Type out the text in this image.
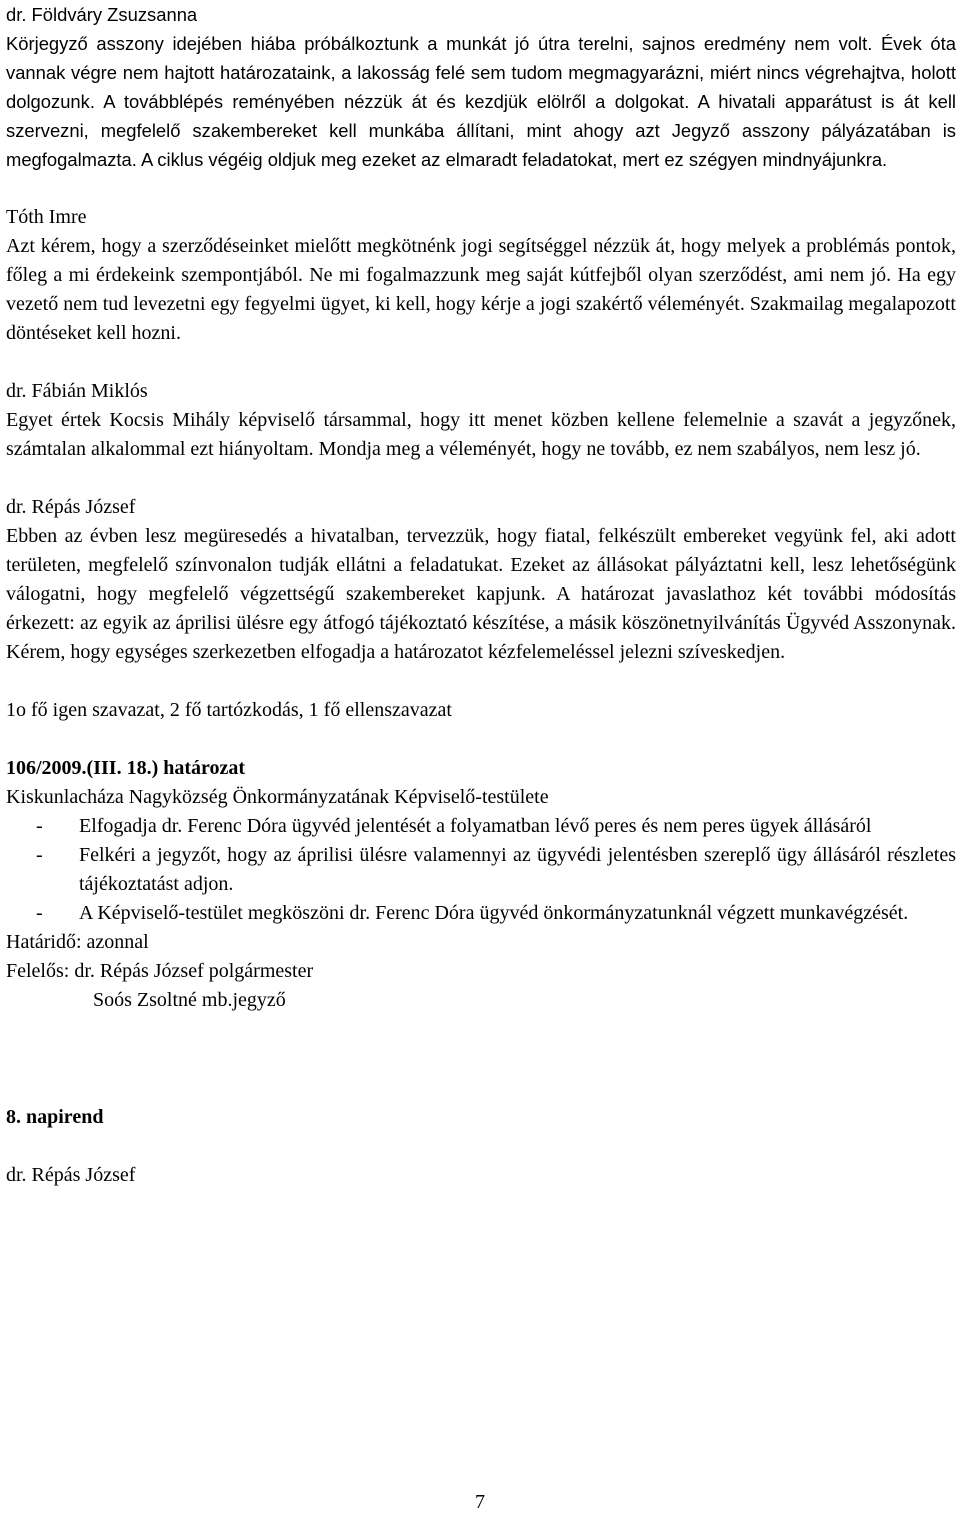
dr. Földváry Zsuzsanna

Körjegyző asszony idejében hiába próbálkoztunk a munkát jó útra terelni, sajnos eredmény nem volt. Évek óta vannak végre nem hajtott határozataink, a lakosság felé sem tudom megmagyarázni, miért nincs végrehajtva, holott dolgozunk. A továbblépés reményében nézzük át és kezdjük elölről a dolgokat. A hivatali apparátust is át kell szervezni, megfelelő szakembereket kell munkába állítani, mint ahogy azt Jegyző asszony pályázatában is megfogalmazta. A ciklus végéig oldjuk meg ezeket az elmaradt feladatokat, mert ez szégyen mindnyájunkra.

Tóth Imre

Azt kérem, hogy a szerződéseinket mielőtt megkötnénk jogi segítséggel nézzük át, hogy melyek a problémás pontok, főleg a mi érdekeink szempontjából. Ne mi fogalmazzunk meg saját kútfejből olyan szerződést, ami nem jó. Ha egy vezető nem tud levezetni egy fegyelmi ügyet, ki kell, hogy kérje a jogi szakértő véleményét. Szakmailag megalapozott döntéseket kell hozni.

dr. Fábián Miklós

Egyet értek Kocsis Mihály képviselő társammal, hogy itt menet közben kellene felemelnie a szavát a jegyzőnek, számtalan alkalommal ezt hiányoltam. Mondja meg a véleményét, hogy ne tovább, ez nem szabályos, nem lesz jó.

dr. Répás József

Ebben az évben lesz megüresedés a hivatalban, tervezzük, hogy fiatal, felkészült embereket vegyünk fel, aki adott területen, megfelelő színvonalon tudják ellátni a feladatukat. Ezeket az állásokat pályáztatni kell, lesz lehetőségünk válogatni, hogy megfelelő végzettségű szakembereket kapjunk. A határozat javaslathoz két további módosítás érkezett: az egyik az áprilisi ülésre egy átfogó tájékoztató készítése, a másik köszönetnyilvánítás Ügyvéd Asszonynak. Kérem, hogy egységes szerkezetben elfogadja a határozatot kézfelemeléssel jelezni szíveskedjen.

1o fő igen szavazat, 2 fő tartózkodás, 1 fő ellenszavazat

106/2009.(III. 18.) határozat

Kiskunlacháza Nagyközség Önkormányzatának Képviselő-testülete

- Elfogadja dr. Ferenc Dóra ügyvéd jelentését a folyamatban lévő peres és nem peres ügyek állásáról
- Felkéri a jegyzőt, hogy az áprilisi ülésre valamennyi az ügyvédi jelentésben szereplő ügy állásáról részletes tájékoztatást adjon.
- A Képviselő-testület megköszöni dr. Ferenc Dóra ügyvéd önkormányzatunknál végzett munkavégzését.

Határidő: azonnal

Felelős: dr. Répás József polgármester

Soós Zsoltné mb.jegyző

8. napirend

dr. Répás József

7
